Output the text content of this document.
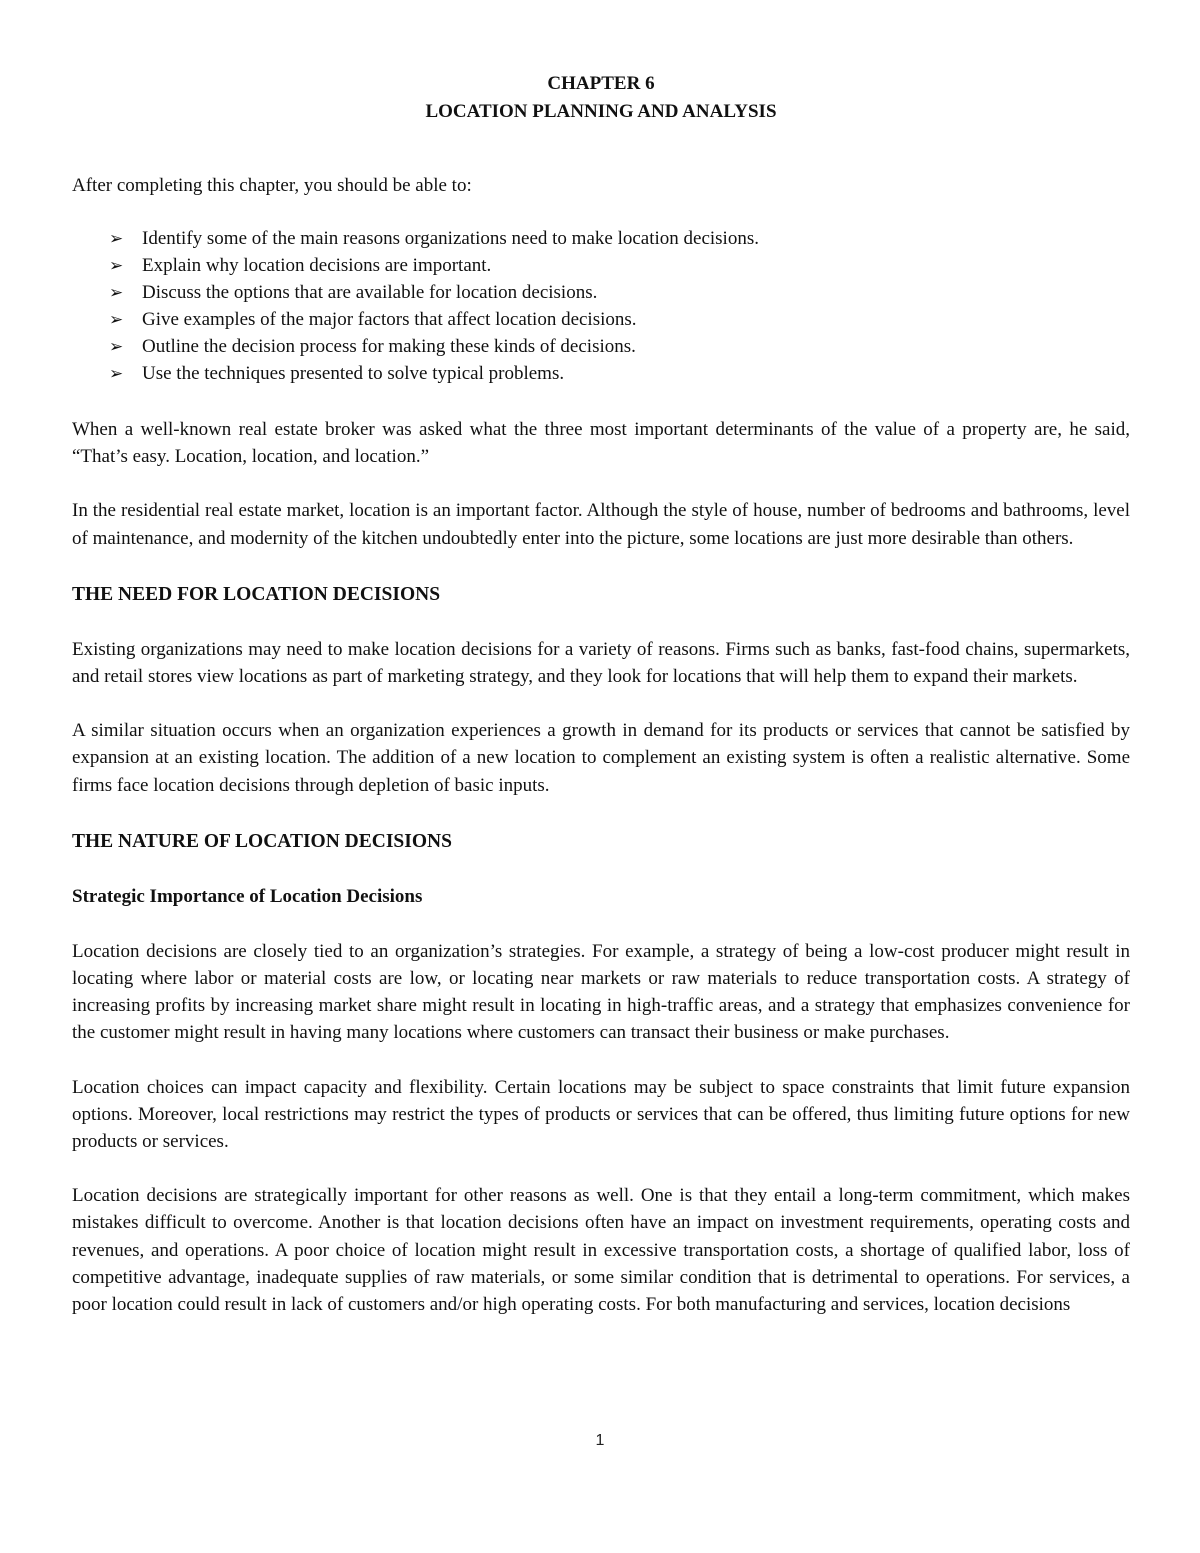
CHAPTER 6
LOCATION PLANNING AND ANALYSIS

After completing this chapter, you should be able to:

➢ Identify some of the main reasons organizations need to make location decisions.
➢ Explain why location decisions are important.
➢ Discuss the options that are available for location decisions.
➢ Give examples of the major factors that affect location decisions.
➢ Outline the decision process for making these kinds of decisions.
➢ Use the techniques presented to solve typical problems.

When a well-known real estate broker was asked what the three most important determinants of the value of a property are, he said, “That’s easy. Location, location, and location.”

In the residential real estate market, location is an important factor. Although the style of house, number of bedrooms and bathrooms, level of maintenance, and modernity of the kitchen undoubtedly enter into the picture, some locations are just more desirable than others.

THE NEED FOR LOCATION DECISIONS

Existing organizations may need to make location decisions for a variety of reasons. Firms such as banks, fast-food chains, supermarkets, and retail stores view locations as part of marketing strategy, and they look for locations that will help them to expand their markets.

A similar situation occurs when an organization experiences a growth in demand for its products or services that cannot be satisfied by expansion at an existing location. The addition of a new location to complement an existing system is often a realistic alternative. Some firms face location decisions through depletion of basic inputs.

THE NATURE OF LOCATION DECISIONS
Strategic Importance of Location Decisions

Location decisions are closely tied to an organization’s strategies. For example, a strategy of being a low-cost producer might result in locating where labor or material costs are low, or locating near markets or raw materials to reduce transportation costs. A strategy of increasing profits by increasing market share might result in locating in high-traffic areas, and a strategy that emphasizes convenience for the customer might result in having many locations where customers can transact their business or make purchases.

Location choices can impact capacity and flexibility. Certain locations may be subject to space constraints that limit future expansion options. Moreover, local restrictions may restrict the types of products or services that can be offered, thus limiting future options for new products or services.

Location decisions are strategically important for other reasons as well. One is that they entail a long-term commitment, which makes mistakes difficult to overcome. Another is that location decisions often have an impact on investment requirements, operating costs and revenues, and operations. A poor choice of location might result in excessive transportation costs, a shortage of qualified labor, loss of competitive advantage, inadequate supplies of raw materials, or some similar condition that is detrimental to operations. For services, a poor location could result in lack of customers and/or high operating costs. For both manufacturing and services, location decisions

1
